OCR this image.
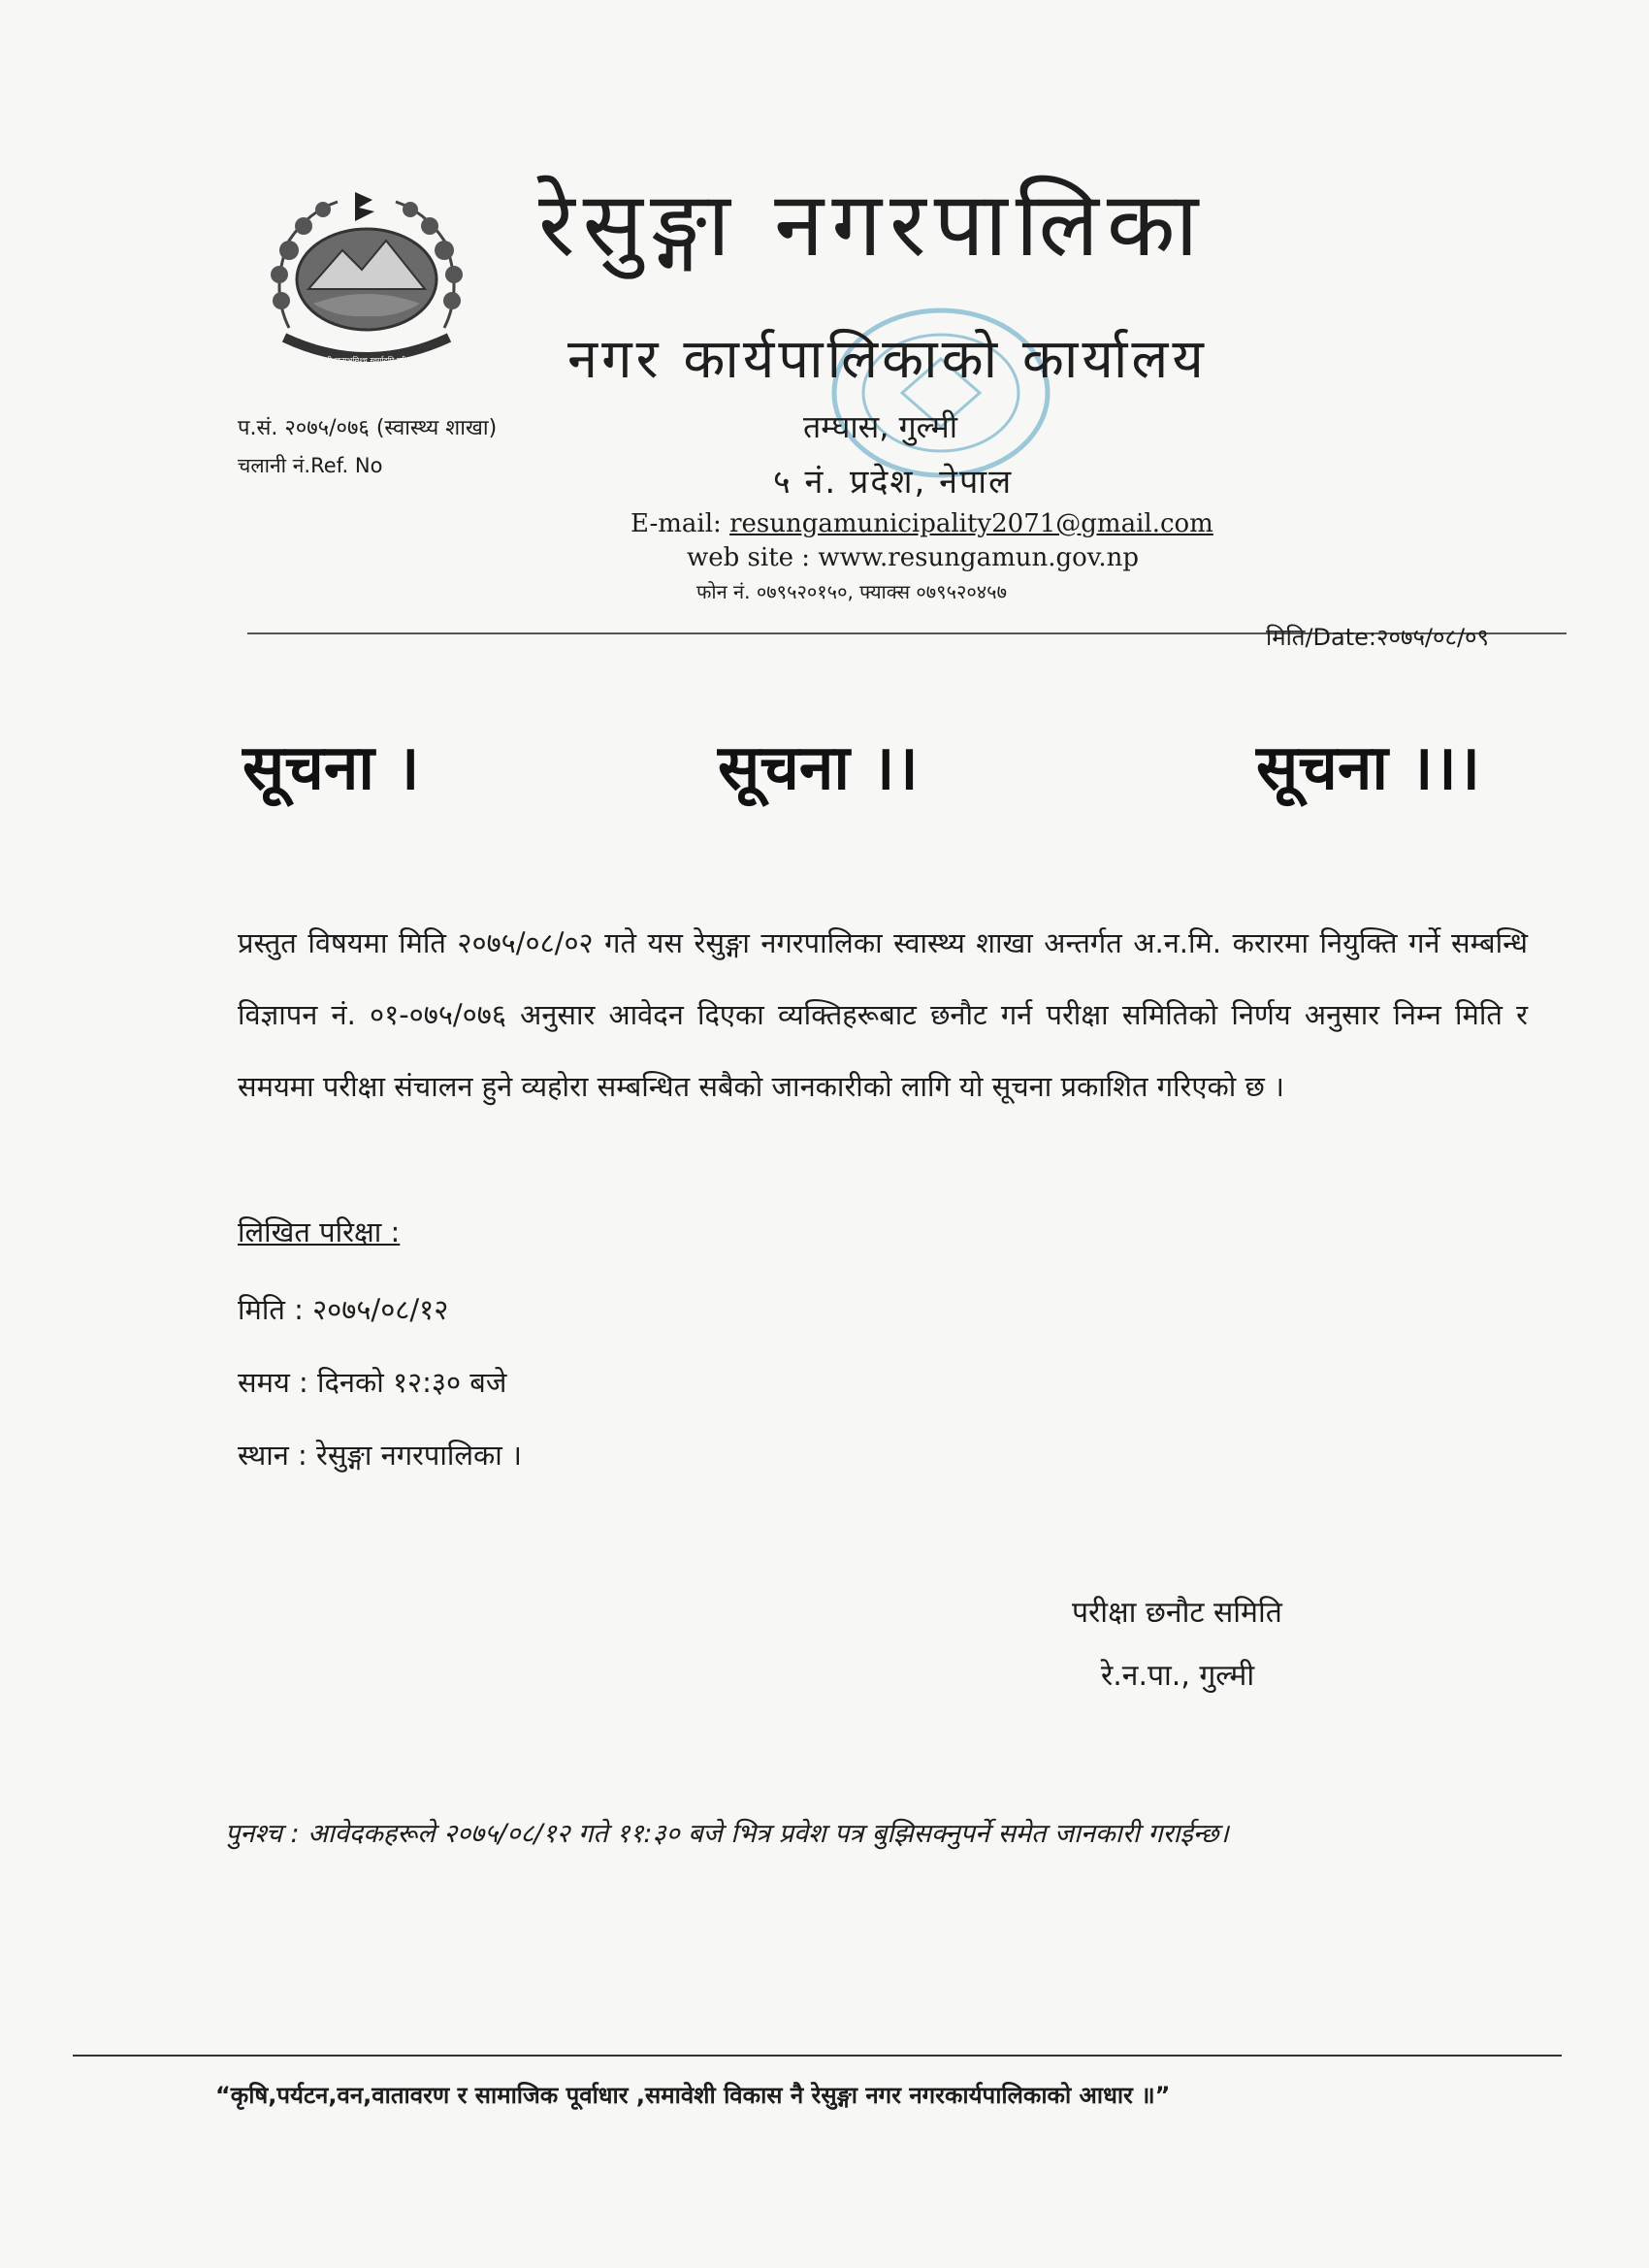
जननी जन्मभूमिश्च स्वर्गादपि गरीयसी
रेसुङ्गा नगरपालिका
नगर कार्यपालिकाको कार्यालय
तम्घास, गुल्मी
५ नं. प्रदेश, नेपाल
E-mail: resungamunicipality2071@gmail.com
web site : www.resungamun.gov.np
फोन नं. ०७९५२०१५०, फ्याक्स ०७९५२०४५७
प.सं. २०७५/०७६ (स्वास्थ्य शाखा)
चलानी नं.Ref. No
मिति/Date:२०७५/०८/०९
सूचना ।	सूचना ।।	सूचना ।।।
प्रस्तुत विषयमा मिति २०७५/०८/०२ गते यस रेसुङ्गा नगरपालिका स्वास्थ्य शाखा अन्तर्गत अ.न.मि. करारमा नियुक्ति गर्ने सम्बन्धि विज्ञापन नं. ०१-०७५/०७६ अनुसार आवेदन दिएका व्यक्तिहरूबाट छनौट गर्न परीक्षा समितिको निर्णय अनुसार निम्न मिति र समयमा परीक्षा संचालन हुने व्यहोरा सम्बन्धित सबैको जानकारीको लागि यो सूचना प्रकाशित गरिएको छ ।
लिखित परिक्षा :
मिति : २०७५/०८/१२
समय : दिनको १२:३० बजे
स्थान : रेसुङ्गा नगरपालिका ।
परीक्षा छनौट समिति
रे.न.पा., गुल्मी
पुनश्च : आवेदकहरूले २०७५/०८/१२ गते ११:३० बजे भित्र प्रवेश पत्र बुझिसक्नुपर्ने समेत जानकारी गराईन्छ।
“कृषि,पर्यटन,वन,वातावरण र सामाजिक पूर्वाधार ,समावेशी विकास नै रेसुङ्गा नगर नगरकार्यपालिकाको आधार ॥”
